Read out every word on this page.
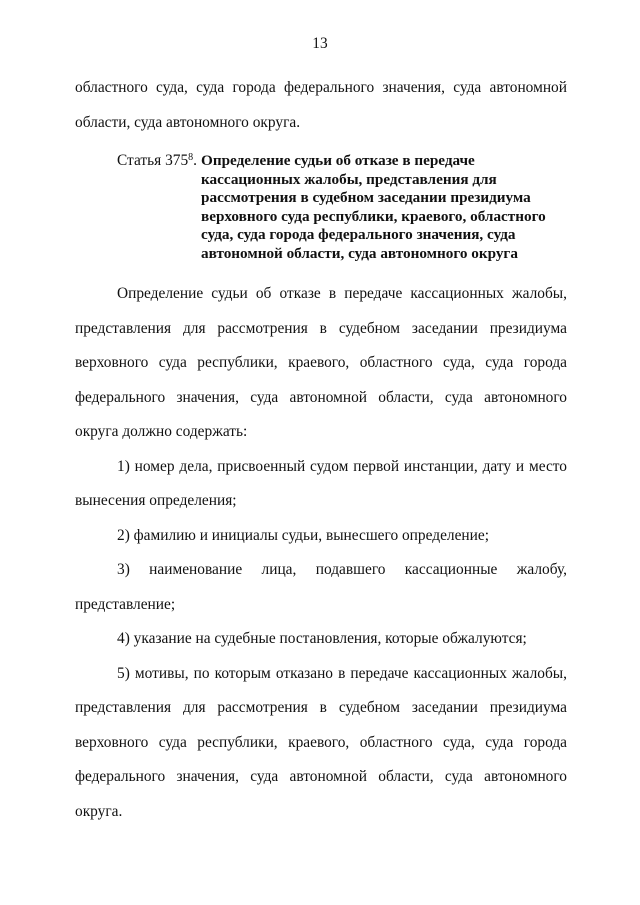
13

областного суда, суда города федерального значения, суда автономной

области, суда автономного округа.

Статья $375^8$. Определение судьи об отказе в передаче
кассационных жалобы, представления для
рассмотрения в судебном заседании президиума
верховного суда республики, краевого, областного
суда, суда города федерального значения, суда
автономной области, суда автономного округа

Определение судьи об отказе в передаче кассационных жалобы, представления для рассмотрения в судебном заседании президиума верховного суда республики, краевого, областного суда, суда города федерального значения, суда автономной области, суда автономного округа должно содержать:

1) номер дела, присвоенный судом первой инстанции, дату и место вынесения определения;

2) фамилию и инициалы судьи, вынесшего определение;

3) наименование лица, подавшего кассационные жалобу,

представление;

4) указание на судебные постановления, которые обжалуются;

5) мотивы, по которым отказано в передаче кассационных жалобы, представления для рассмотрения в судебном заседании президиума верховного суда республики, краевого, областного суда, суда города федерального значения, суда автономной области, суда автономного округа.
